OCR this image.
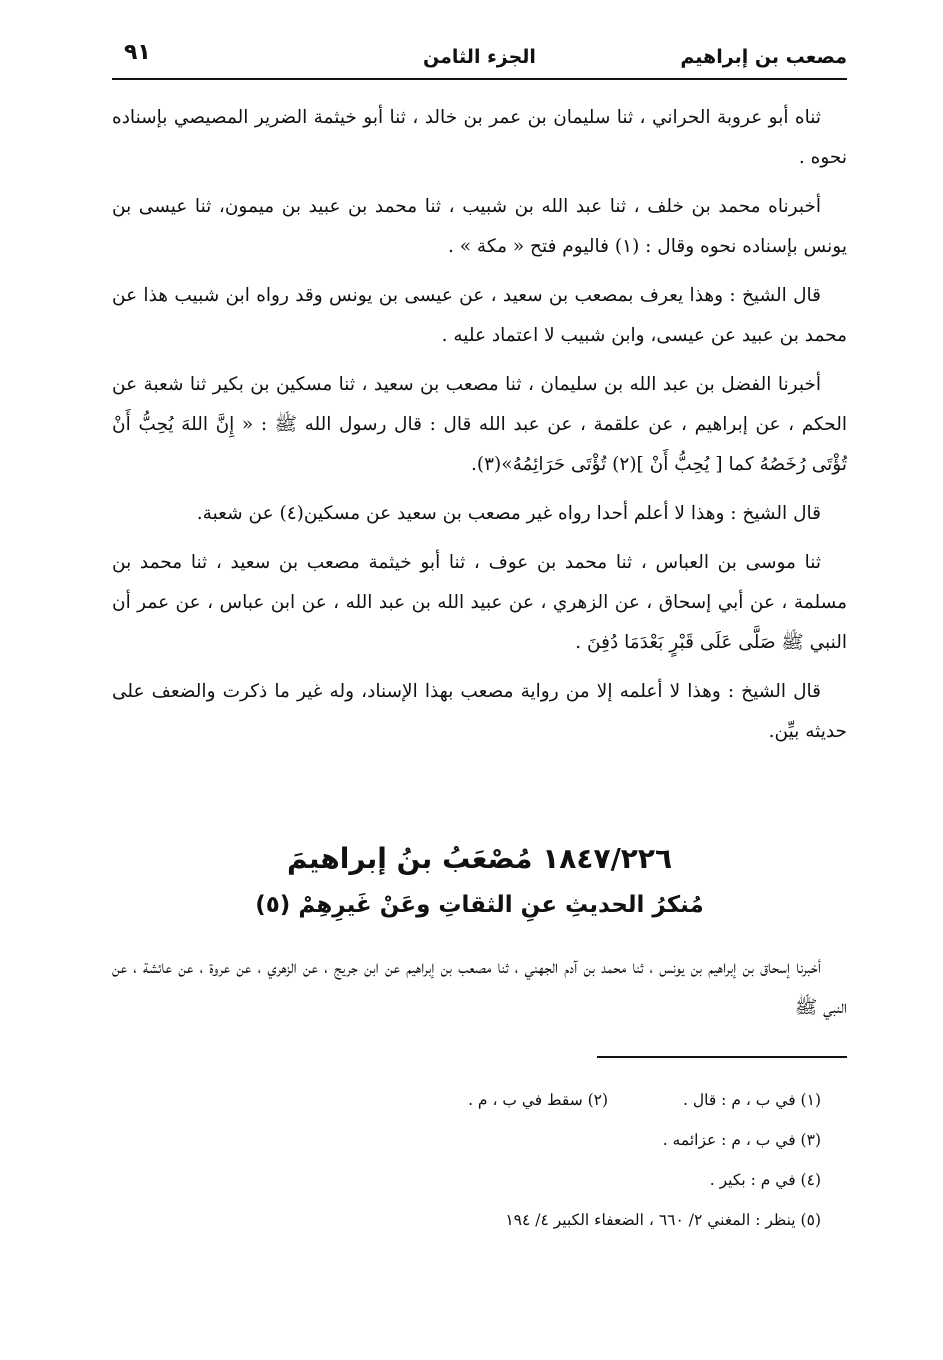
مصعب بن إبراهيم
الجزء الثامن
٩١

ثناه أبو عروبة الحراني ، ثنا سليمان بن عمر بن خالد ، ثنا أبو خيثمة الضرير المصيصي بإسناده نحوه .

أخبرناه محمد بن خلف ، ثنا عبد الله بن شبيب ، ثنا محمد بن عبيد بن ميمون، ثنا عيسى بن يونس بإسناده نحوه وقال : (١) فاليوم فتح « مكة » .

قال الشيخ : وهذا يعرف بمصعب بن سعيد ، عن عيسى بن يونس وقد رواه ابن شبيب هذا عن محمد بن عبيد عن عيسى، وابن شبيب لا اعتماد عليه .

أخبرنا الفضل بن عبد الله بن سليمان ، ثنا مصعب بن سعيد ، ثنا مسكين بن بكير ثنا شعبة عن الحكم ، عن إبراهيم ، عن علقمة ، عن عبد الله قال : قال رسول الله ﷺ : « إِنَّ اللهَ يُحِبُّ أَنْ تُؤْتَى رُخَصُهُ كما [ يُحِبُّ أَنْ ](٢) تُؤْتَى حَرَائِمُهُ»(٣).

قال الشيخ : وهذا لا أعلم أحدا رواه غير مصعب بن سعيد عن مسكين(٤) عن شعبة.

ثنا موسى بن العباس ، ثنا محمد بن عوف ، ثنا أبو خيثمة مصعب بن سعيد ، ثنا محمد بن مسلمة ، عن أبي إسحاق ، عن الزهري ، عن عبيد الله بن عبد الله ، عن ابن عباس ، عن عمر أن النبي ﷺ صَلَّى عَلَى قَبْرٍ بَعْدَمَا دُفِنَ .

قال الشيخ : وهذا لا أعلمه إلا من رواية مصعب بهذا الإسناد، وله غير ما ذكرت والضعف على حديثه بيِّن.

١٨٤٧/٢٢٦ مُصْعَبُ بنُ إبراهيمَ
مُنكرُ الحديثِ عنِ الثقاتِ وعَنْ غَيرِهِمْ (٥)

أخبرنا إسحاق بن إبراهيم بن يونس ، ثنا محمد بن آدم الجهني ، ثنا مصعب بن إبراهيم عن ابن جريج ، عن الزهري ، عن عروة ، عن عائشة ، عن النبي ﷺ

(١) في ب ، م : قال . (٢) سقط في ب ، م .
(٣) في ب ، م : عزائمه .
(٤) في م : بكير .
(٥) ينظر : المغني ٢/ ٦٦٠ ، الضعفاء الكبير ٤/ ١٩٤
